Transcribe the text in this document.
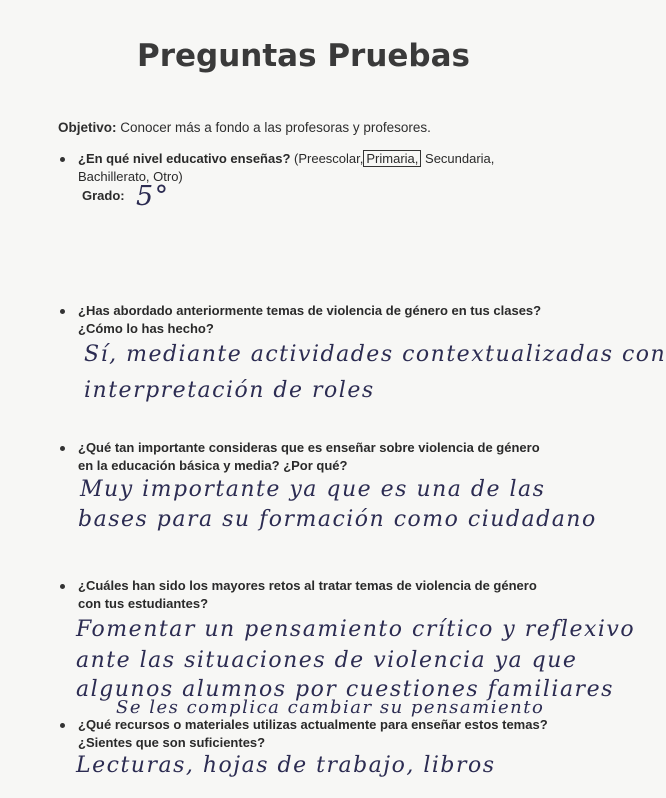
Preguntas Pruebas
Objetivo: Conocer más a fondo a las profesoras y profesores.
¿En qué nivel educativo enseñas? (Preescolar, Primaria, Secundaria,
Bachillerato, Otro)
Grado: 5°
¿Has abordado anteriormente temas de violencia de género en tus clases?
¿Cómo lo has hecho?
Sí, mediante actividades contextualizadas con
interpretación de roles
¿Qué tan importante consideras que es enseñar sobre violencia de género
en la educación básica y media? ¿Por qué?
Muy importante ya que es una de las
bases para su formación como ciudadano
¿Cuáles han sido los mayores retos al tratar temas de violencia de género
con tus estudiantes?
Fomentar un pensamiento crítico y reflexivo
ante las situaciones de violencia ya que
algunos alumnos por cuestiones familiares
Se les complica cambiar su pensamiento
¿Qué recursos o materiales utilizas actualmente para enseñar estos temas?
¿Sientes que son suficientes?
Lecturas, hojas de trabajo, libros
